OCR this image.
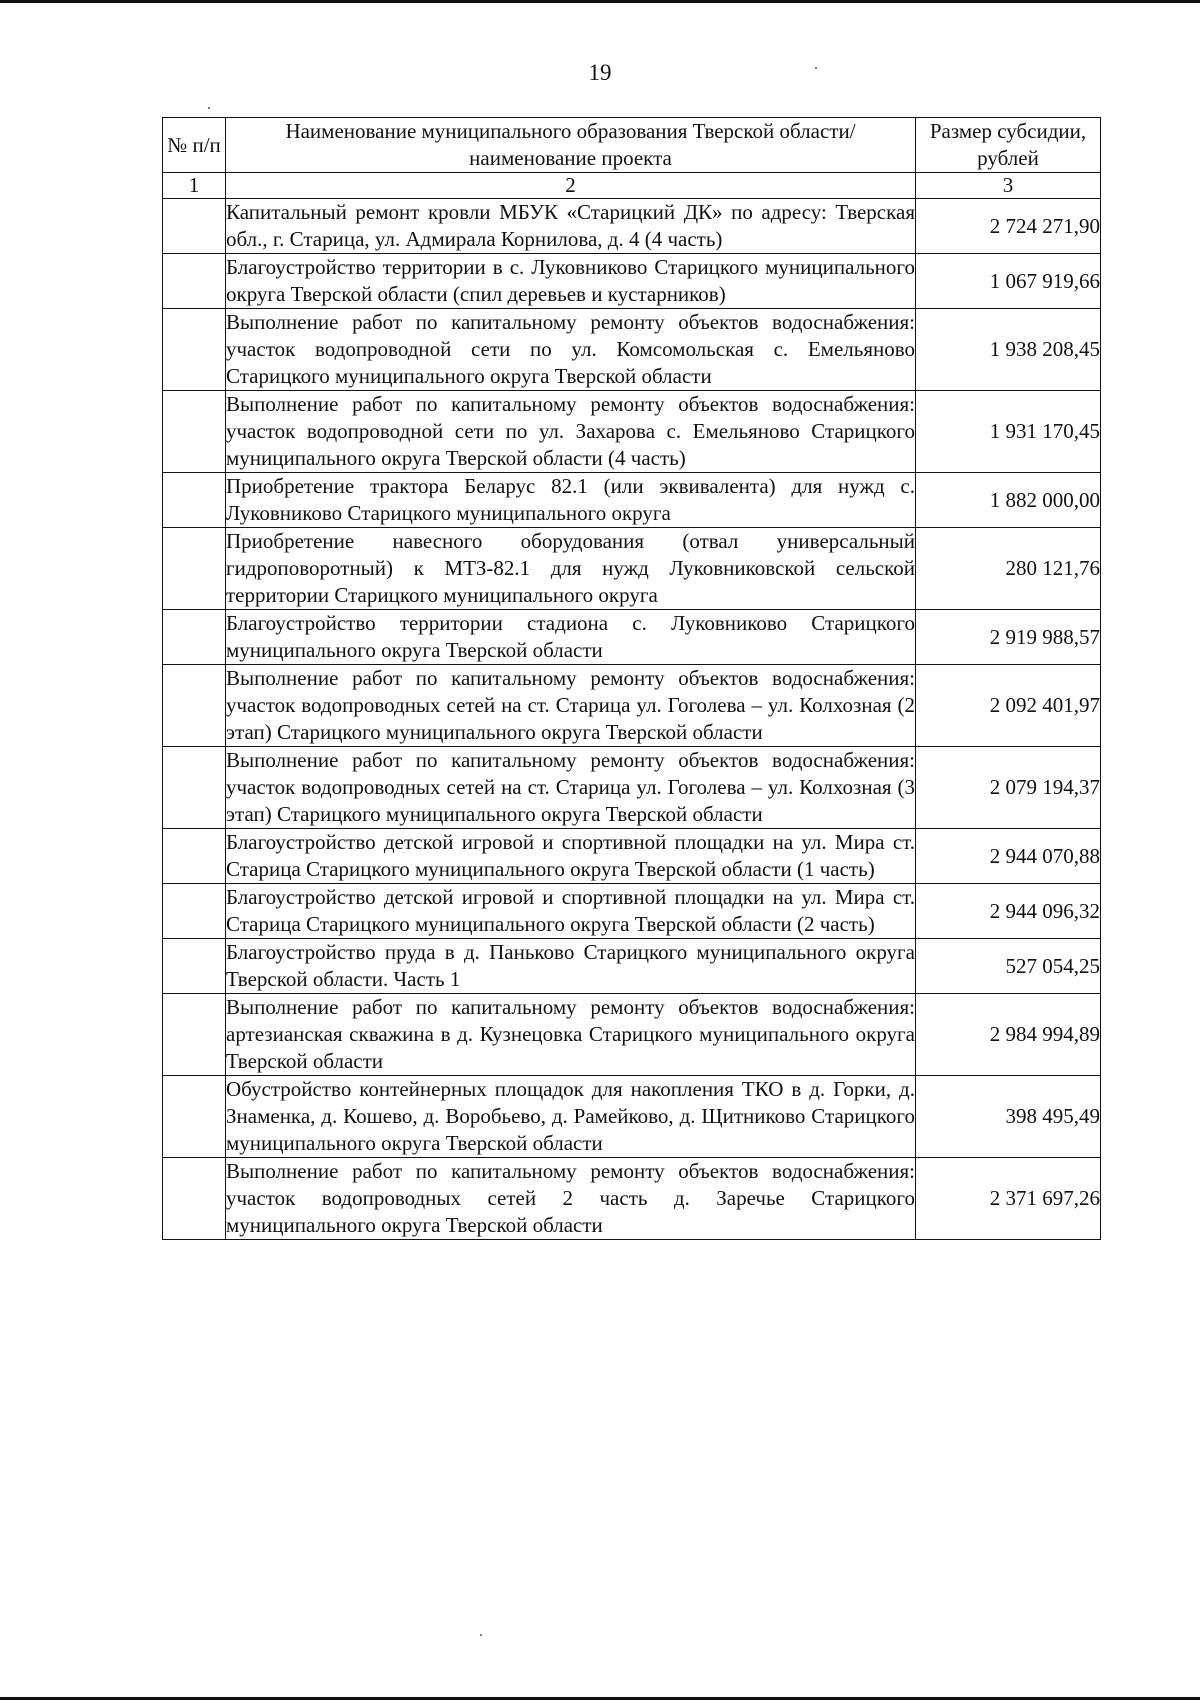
19
№ п/п	Наименование муниципального образования Тверской области/наименование проекта	Размер субсидии, рублей
1	2	3
	Капитальный ремонт кровли МБУК «Старицкий ДК» по адресу: Тверская обл., г. Старица, ул. Адмирала Корнилова, д. 4 (4 часть)	2 724 271,90
	Благоустройство территории в с. Луковниково Старицкого муниципального округа Тверской области (спил деревьев и кустарников)	1 067 919,66
	Выполнение работ по капитальному ремонту объектов водоснабжения: участок водопроводной сети по ул. Комсомольская с. Емельяново Старицкого муниципального округа Тверской области	1 938 208,45
	Выполнение работ по капитальному ремонту объектов водоснабжения: участок водопроводной сети по ул. Захарова с. Емельяново Старицкого муниципального округа Тверской области (4 часть)	1 931 170,45
	Приобретение трактора Беларус 82.1 (или эквивалента) для нужд с. Луковниково Старицкого муниципального округа	1 882 000,00
	Приобретение навесного оборудования (отвал универсальный гидроповоротный) к МТЗ-82.1 для нужд Луковниковской сельской территории Старицкого муниципального округа	280 121,76
	Благоустройство территории стадиона с. Луковниково Старицкого муниципального округа Тверской области	2 919 988,57
	Выполнение работ по капитальному ремонту объектов водоснабжения: участок водопроводных сетей на ст. Старица ул. Гоголева – ул. Колхозная (2 этап) Старицкого муниципального округа Тверской области	2 092 401,97
	Выполнение работ по капитальному ремонту объектов водоснабжения: участок водопроводных сетей на ст. Старица ул. Гоголева – ул. Колхозная (3 этап) Старицкого муниципального округа Тверской области	2 079 194,37
	Благоустройство детской игровой и спортивной площадки на ул. Мира ст. Старица Старицкого муниципального округа Тверской области (1 часть)	2 944 070,88
	Благоустройство детской игровой и спортивной площадки на ул. Мира ст. Старица Старицкого муниципального округа Тверской области (2 часть)	2 944 096,32
	Благоустройство пруда в д. Паньково Старицкого муниципального округа Тверской области. Часть 1	527 054,25
	Выполнение работ по капитальному ремонту объектов водоснабжения: артезианская скважина в д. Кузнецовка Старицкого муниципального округа Тверской области	2 984 994,89
	Обустройство контейнерных площадок для накопления ТКО в д. Горки, д. Знаменка, д. Кошево, д. Воробьево, д. Рамейково, д. Щитниково Старицкого муниципального округа Тверской области	398 495,49
	Выполнение работ по капитальному ремонту объектов водоснабжения: участок водопроводных сетей 2 часть д. Заречье Старицкого муниципального округа Тверской области	2 371 697,26
